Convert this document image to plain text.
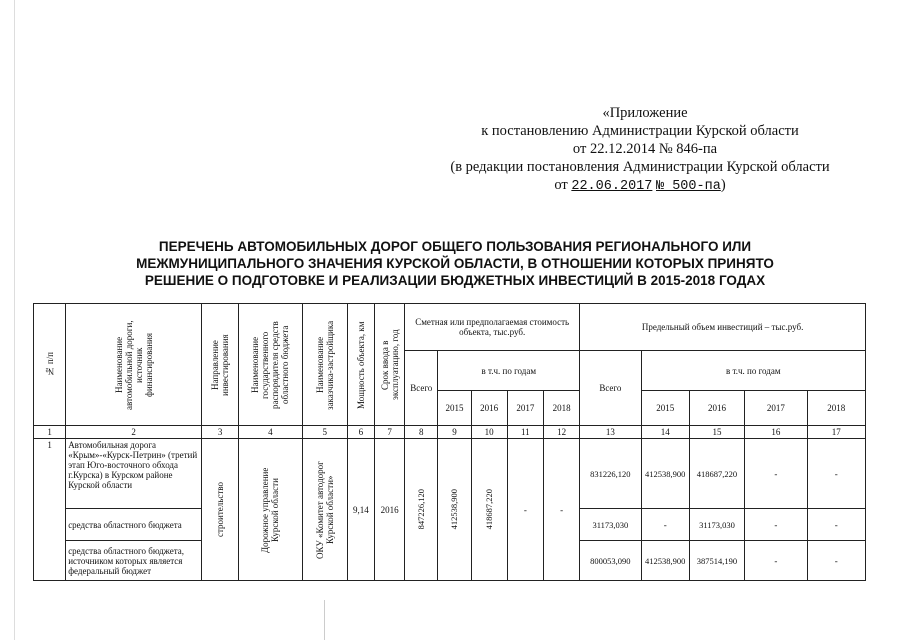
«Приложение
к постановлению Администрации Курской области
от 22.12.2014 № 846-па
(в редакции постановления Администрации Курской области
от 22.06.2017 № 500-па)
ПЕРЕЧЕНЬ АВТОМОБИЛЬНЫХ ДОРОГ ОБЩЕГО ПОЛЬЗОВАНИЯ РЕГИОНАЛЬНОГО ИЛИ
МЕЖМУНИЦИПАЛЬНОГО ЗНАЧЕНИЯ КУРСКОЙ ОБЛАСТИ, В ОТНОШЕНИИ КОТОРЫХ ПРИНЯТО
РЕШЕНИЕ О ПОДГОТОВКЕ И РЕАЛИЗАЦИИ БЮДЖЕТНЫХ ИНВЕСТИЦИЙ В 2015-2018 ГОДАХ
№ п/п	Наименование автомобильной дороги, источник финансирования	Направление инвестирования	Наименование государственного распорядителя средств областного бюджета	Наименование заказчика-застройщика	Мощность объекта, км	Срок ввода в эксплуатацию, год	Сметная или предполагаемая стоимость объекта, тыс.руб.					Предельный объем инвестиций – тыс.руб.				
							Всего	в т.ч. по годам				Всего	в т.ч. по годам			
								2015	2016	2017	2018		2015	2016	2017	2018
1	2	3	4	5	6	7	8	9	10	11	12	13	14	15	16	17
1	Автомобильная дорога «Крым»-«Курск-Петрин» (третий этап Юго-восточного обхода г.Курска) в Курском районе Курской области	строительство	Дорожное управление Курской области	ОКУ «Комитет автодорог Курской области»	9,14	2016	847226,120	412538,900	418687,220	-	-	831226,120	412538,900	418687,220	-	-
	средства областного бюджета											31173,030	-	31173,030	-	-
	средства областного бюджета, источником которых является федеральный бюджет											800053,090	412538,900	387514,190	-	-
